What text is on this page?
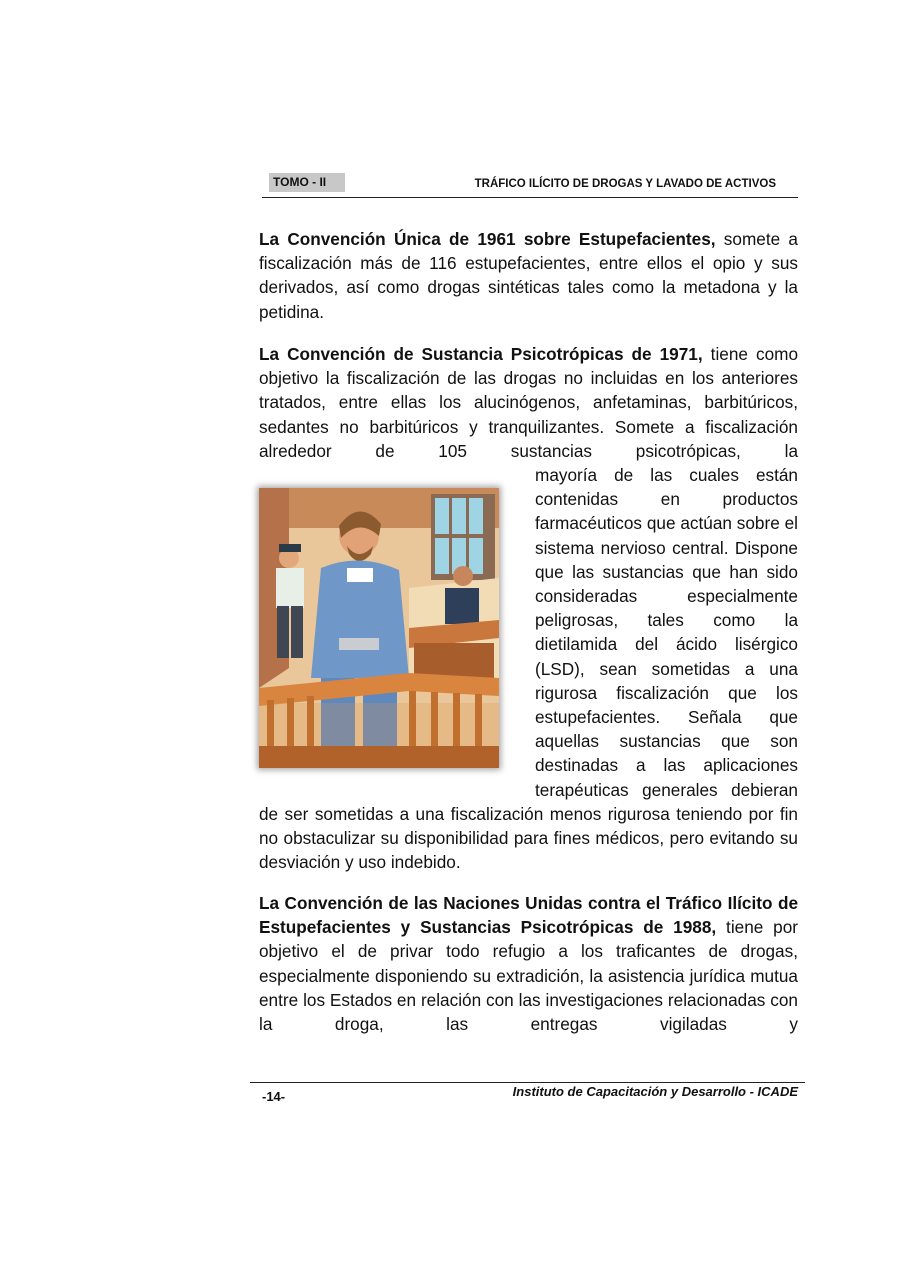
TOMO - II	TRÁFICO ILÍCITO DE DROGAS Y LAVADO DE ACTIVOS

La Convención Única de 1961 sobre Estupefacientes, somete a fiscalización más de 116 estupefacientes, entre ellos el opio y sus derivados, así como drogas sintéticas tales como la metadona y la petidina.

La Convención de Sustancia Psicotrópicas de 1971, tiene como objetivo la fiscalización de las drogas no incluidas en los anteriores tratados, entre ellas los alucinógenos, anfetaminas, barbitúricos, sedantes no barbitúricos y tranquilizantes. Somete a fiscalización alrededor de 105 sustancias psicotrópicas, la

mayoría de las cuales están contenidas en productos farmacéuticos que actúan sobre el sistema nervioso central. Dispone que las sustancias que han sido consideradas especialmente peligrosas, tales como la dietilamida del ácido lisérgico (LSD), sean sometidas a una rigurosa fiscalización que los estupefacientes. Señala que aquellas sustancias que son destinadas a las aplicaciones terapéuticas generales debieran

de ser sometidas a una fiscalización menos rigurosa teniendo por fin no obstaculizar su disponibilidad para fines médicos, pero evitando su desviación y uso indebido.

La Convención de las Naciones Unidas contra el Tráfico Ilícito de Estupefacientes y Sustancias Psicotrópicas de 1988, tiene por objetivo el de privar todo refugio a los traficantes de drogas, especialmente disponiendo su extradición, la asistencia jurídica mutua entre los Estados en relación con las investigaciones relacionadas con la droga, las entregas vigiladas y

-14-	Instituto de Capacitación y Desarrollo - ICADE
